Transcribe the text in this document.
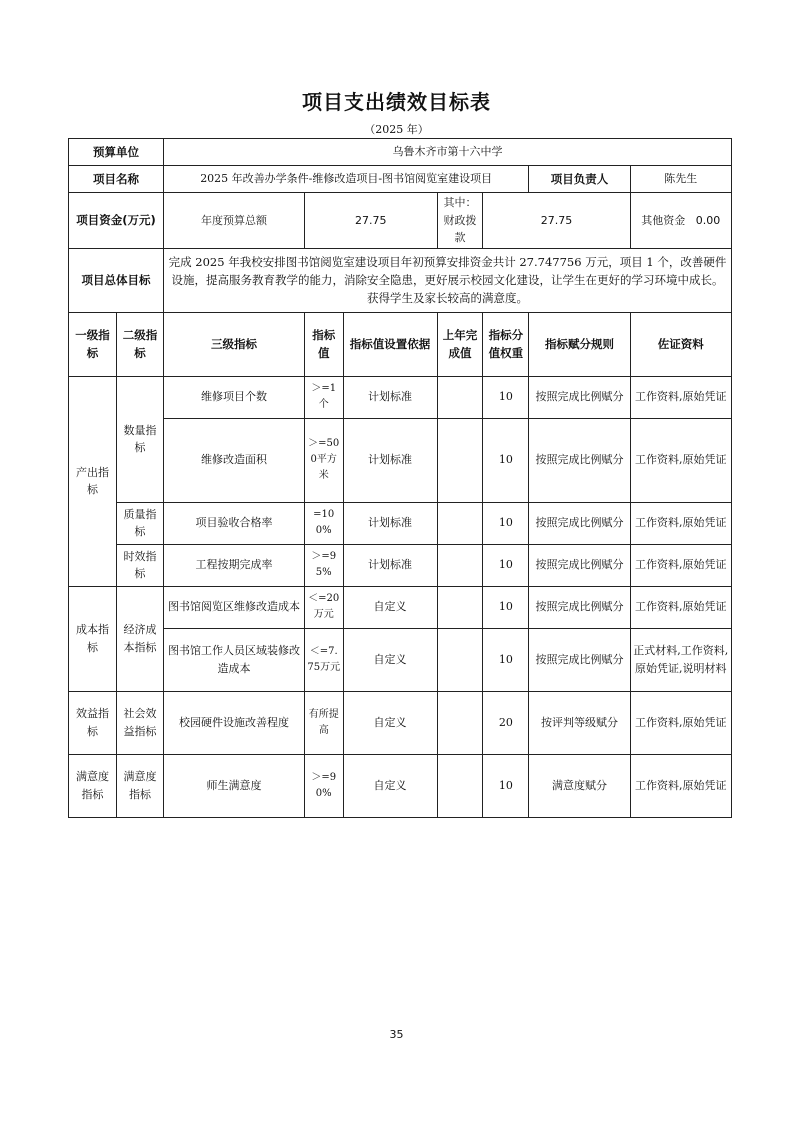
项目支出绩效目标表
（2025 年）
预算单位		乌鲁木齐市第十六中学						
项目名称		2025 年改善办学条件-维修改造项目-图书馆阅览室建设项目					项目负责人	陈先生
项目资金(万元)		年度预算总额	27.75		其中：财政拨款	27.75		其他资金 0.00
项目总体目标		完成 2025 年我校安排图书馆阅览室建设项目年初预算安排资金共计 27.747756 万元，项目 1 个，改善硬件设施，提高服务教育教学的能力，消除安全隐患，更好展示校园文化建设，让学生在更好的学习环境中成长。获得学生及家长较高的满意度。						
一级指标	二级指标	三级指标	指标值	指标值设置依据	上年完成值	指标分值权重	指标赋分规则	佐证资料
产出指标	数量指标	维修项目个数	＞=1个	计划标准		10	按照完成比例赋分	工作资料,原始凭证
		维修改造面积	＞=500平方米	计划标准		10	按照完成比例赋分	工作资料,原始凭证
	质量指标	项目验收合格率	=100%	计划标准		10	按照完成比例赋分	工作资料,原始凭证
	时效指标	工程按期完成率	＞=95%	计划标准		10	按照完成比例赋分	工作资料,原始凭证
成本指标	经济成本指标	图书馆阅览区维修改造成本	＜=20万元	自定义		10	按照完成比例赋分	工作资料,原始凭证
		图书馆工作人员区域装修改造成本	＜=7.75万元	自定义		10	按照完成比例赋分	正式材料,工作资料,原始凭证,说明材料
效益指标	社会效益指标	校园硬件设施改善程度	有所提高	自定义		20	按评判等级赋分	工作资料,原始凭证
满意度指标	满意度指标	师生满意度	＞=90%	自定义		10	满意度赋分	工作资料,原始凭证
35
